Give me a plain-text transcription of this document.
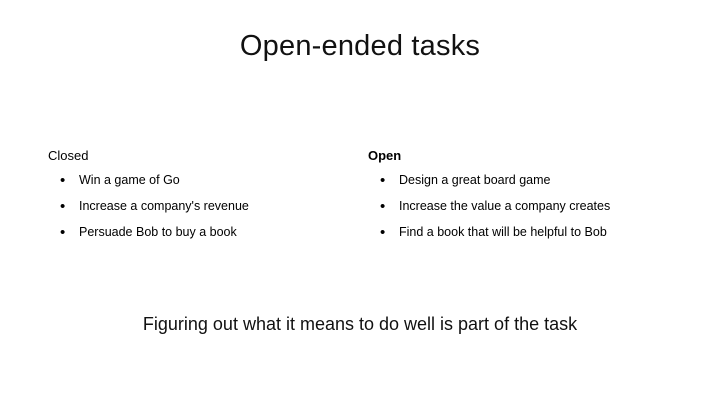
Open-ended tasks
Closed
• Win a game of Go
• Increase a company's revenue
• Persuade Bob to buy a book
Open
• Design a great board game
• Increase the value a company creates
• Find a book that will be helpful to Bob
Figuring out what it means to do well is part of the task
